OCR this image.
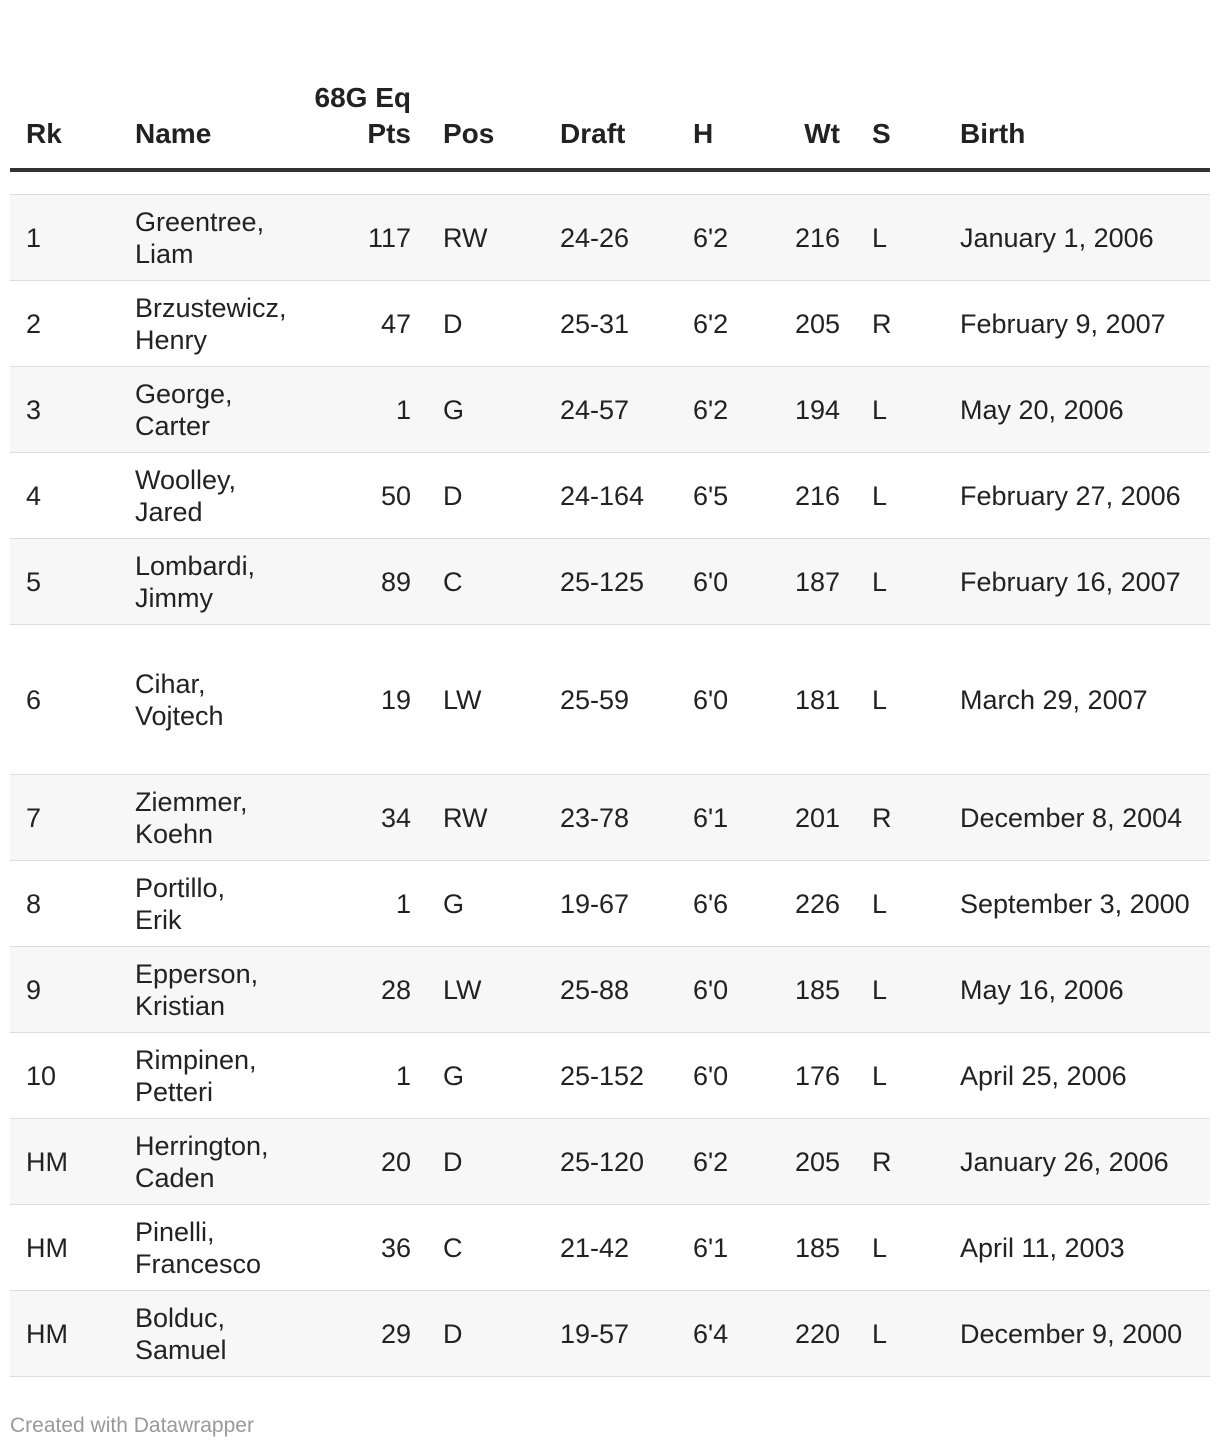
Rk	Name	68G Eq Pts	Pos	Draft	H	Wt	S	Birth

1	Greentree, Liam	117	RW	24-26	6'2	216	L	January 1, 2006
2	Brzustewicz, Henry	47	D	25-31	6'2	205	R	February 9, 2007
3	George, Carter	1	G	24-57	6'2	194	L	May 20, 2006
4	Woolley, Jared	50	D	24-164	6'5	216	L	February 27, 2006
5	Lombardi, Jimmy	89	C	25-125	6'0	187	L	February 16, 2007
6	Cihar, Vojtech	19	LW	25-59	6'0	181	L	March 29, 2007
7	Ziemmer, Koehn	34	RW	23-78	6'1	201	R	December 8, 2004
8	Portillo, Erik	1	G	19-67	6'6	226	L	September 3, 2000
9	Epperson, Kristian	28	LW	25-88	6'0	185	L	May 16, 2006
10	Rimpinen, Petteri	1	G	25-152	6'0	176	L	April 25, 2006
HM	Herrington, Caden	20	D	25-120	6'2	205	R	January 26, 2006
HM	Pinelli, Francesco	36	C	21-42	6'1	185	L	April 11, 2003
HM	Bolduc, Samuel	29	D	19-57	6'4	220	L	December 9, 2000
Created with Datawrapper
